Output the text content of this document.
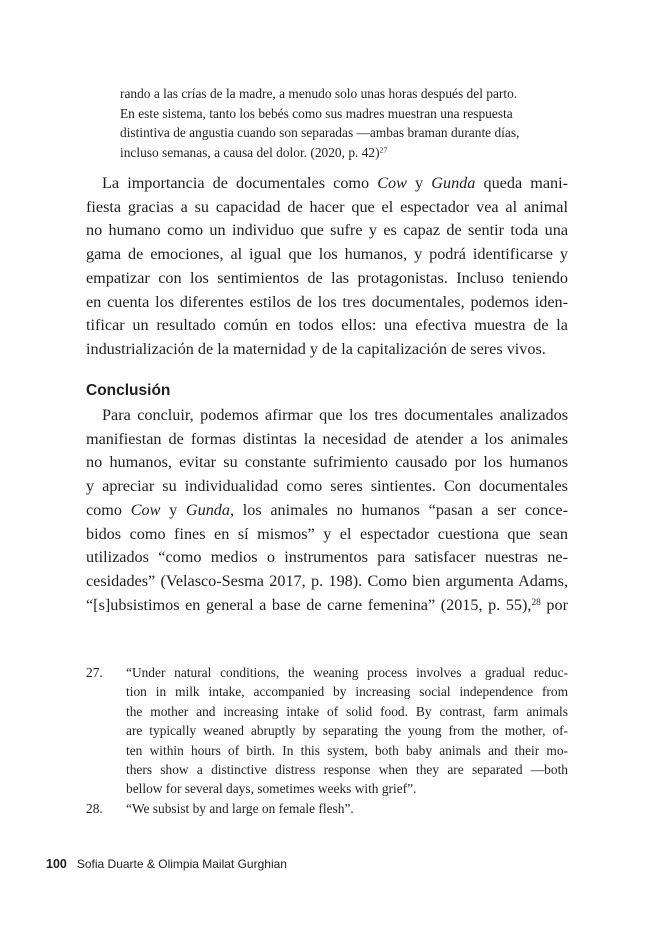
rando a las crías de la madre, a menudo solo unas horas después del parto.
En este sistema, tanto los bebés como sus madres muestran una respuesta
distintiva de angustia cuando son separadas —ambas braman durante días,
incluso semanas, a causa del dolor. (2020, p. 42)$^{27}$
La importancia de documentales como Cow y Gunda queda mani-
fiesta gracias a su capacidad de hacer que el espectador vea al animal
no humano como un individuo que sufre y es capaz de sentir toda una
gama de emociones, al igual que los humanos, y podrá identificarse y
empatizar con los sentimientos de las protagonistas. Incluso teniendo
en cuenta los diferentes estilos de los tres documentales, podemos iden-
tificar un resultado común en todos ellos: una efectiva muestra de la
industrialización de la maternidad y de la capitalización de seres vivos.
Conclusión
Para concluir, podemos afirmar que los tres documentales analizados
manifiestan de formas distintas la necesidad de atender a los animales
no humanos, evitar su constante sufrimiento causado por los humanos
y apreciar su individualidad como seres sintientes. Con documentales
como Cow y Gunda, los animales no humanos “pasan a ser conce-
bidos como fines en sí mismos” y el espectador cuestiona que sean
utilizados “como medios o instrumentos para satisfacer nuestras ne-
cesidades” (Velasco-Sesma 2017, p. 198). Como bien argumenta Adams,
“[s]ubsistimos en general a base de carne femenina” (2015, p. 55),$^{28}$ por
27. “Under natural conditions, the weaning process involves a gradual reduc-
tion in milk intake, accompanied by increasing social independence from
the mother and increasing intake of solid food. By contrast, farm animals
are typically weaned abruptly by separating the young from the mother, of-
ten within hours of birth. In this system, both baby animals and their mo-
thers show a distinctive distress response when they are separated —both
bellow for several days, sometimes weeks with grief”.
28. “We subsist by and large on female flesh”.
100 Sofia Duarte & Olimpia Mailat Gurghian
